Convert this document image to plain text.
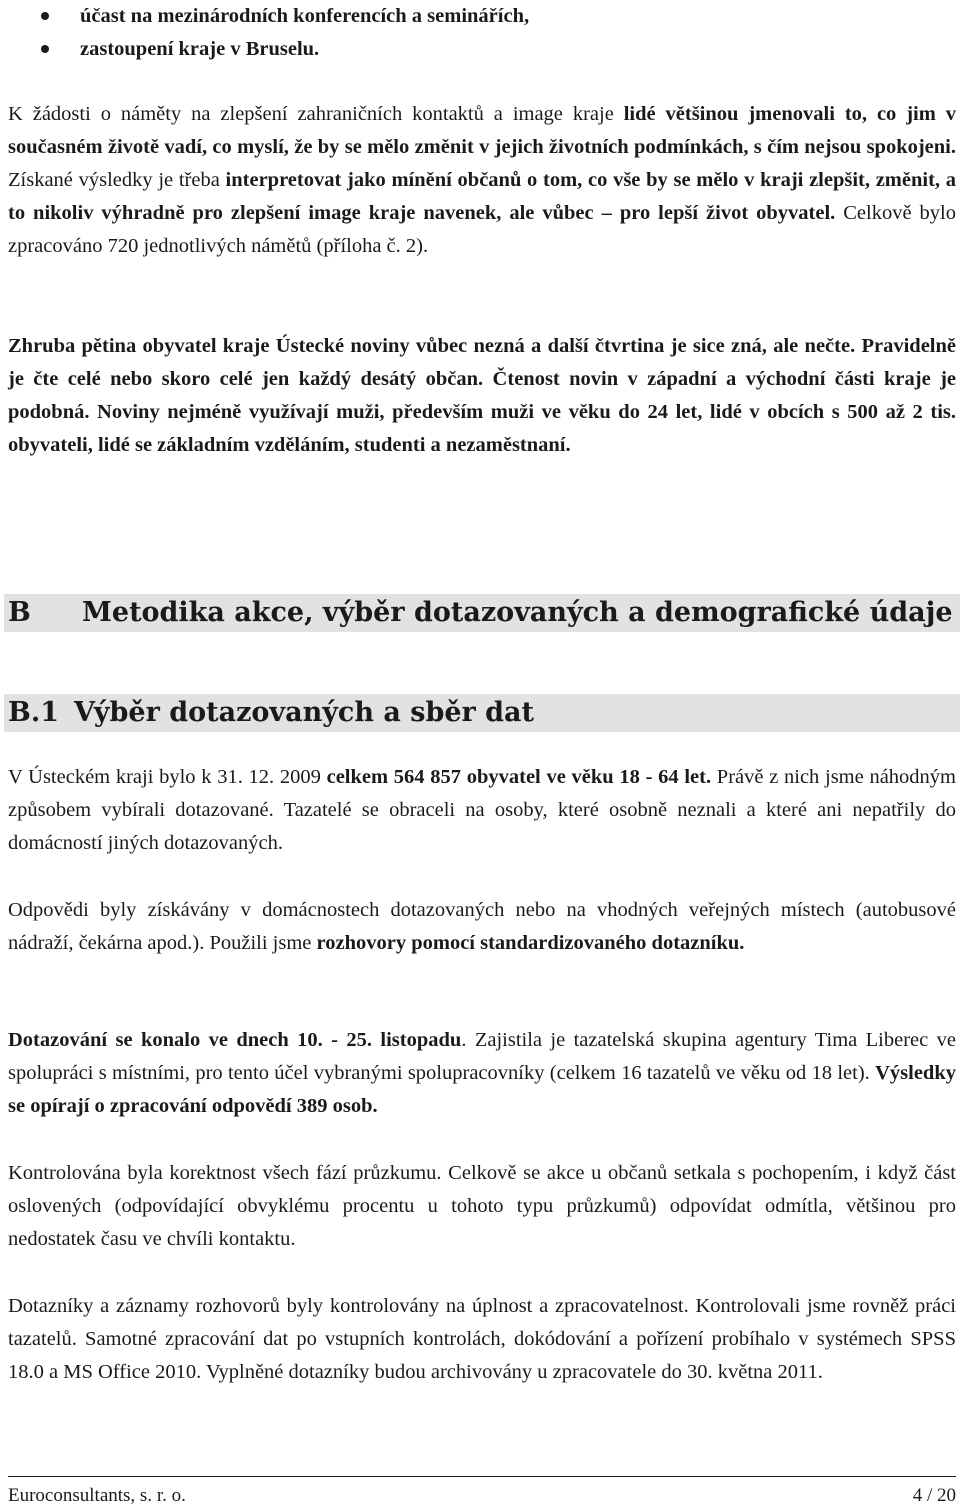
účast na mezinárodních konferencích a seminářích,
zastoupení kraje v Bruselu.

K žádosti o náměty na zlepšení zahraničních kontaktů a image kraje lidé většinou jmenovali to, co jim v současném životě vadí, co myslí, že by se mělo změnit v jejich životních podmínkách, s čím nejsou spokojeni. Získané výsledky je třeba interpretovat jako mínění občanů o tom, co vše by se mělo v kraji zlepšit, změnit, a to nikoliv výhradně pro zlepšení image kraje navenek, ale vůbec – pro lepší život obyvatel. Celkově bylo zpracováno 720 jednotlivých námětů (příloha č. 2).

Zhruba pětina obyvatel kraje Ústecké noviny vůbec nezná a další čtvrtina je sice zná, ale nečte. Pravidelně je čte celé nebo skoro celé jen každý desátý občan. Čtenost novin v západní a východní části kraje je podobná. Noviny nejméně využívají muži, především muži ve věku do 24 let, lidé v obcích s 500 až 2 tis. obyvateli, lidé se základním vzděláním, studenti a nezaměstnaní.

B Metodika akce, výběr dotazovaných a demografické údaje
B.1 Výběr dotazovaných a sběr dat

V Ústeckém kraji bylo k 31. 12. 2009 celkem 564 857 obyvatel ve věku 18 - 64 let. Právě z nich jsme náhodným způsobem vybírali dotazované. Tazatelé se obraceli na osoby, které osobně neznali a které ani nepatřily do domácností jiných dotazovaných.

Odpovědi byly získávány v domácnostech dotazovaných nebo na vhodných veřejných místech (autobusové nádraží, čekárna apod.). Použili jsme rozhovory pomocí standardizovaného dotazníku.

Dotazování se konalo ve dnech 10. - 25. listopadu. Zajistila je tazatelská skupina agentury Tima Liberec ve spolupráci s místními, pro tento účel vybranými spolupracovníky (celkem 16 tazatelů ve věku od 18 let). Výsledky se opírají o zpracování odpovědí 389 osob.

Kontrolována byla korektnost všech fází průzkumu. Celkově se akce u občanů setkala s pochopením, i když část oslovených (odpovídající obvyklému procentu u tohoto typu průzkumů) odpovídat odmítla, většinou pro nedostatek času ve chvíli kontaktu.

Dotazníky a záznamy rozhovorů byly kontrolovány na úplnost a zpracovatelnost. Kontrolovali jsme rovněž práci tazatelů. Samotné zpracování dat po vstupních kontrolách, dokódování a pořízení probíhalo v systémech SPSS 18.0 a MS Office 2010. Vyplněné dotazníky budou archivovány u zpracovatele do 30. května 2011.

Euroconsultants, s. r. o.	4 / 20
